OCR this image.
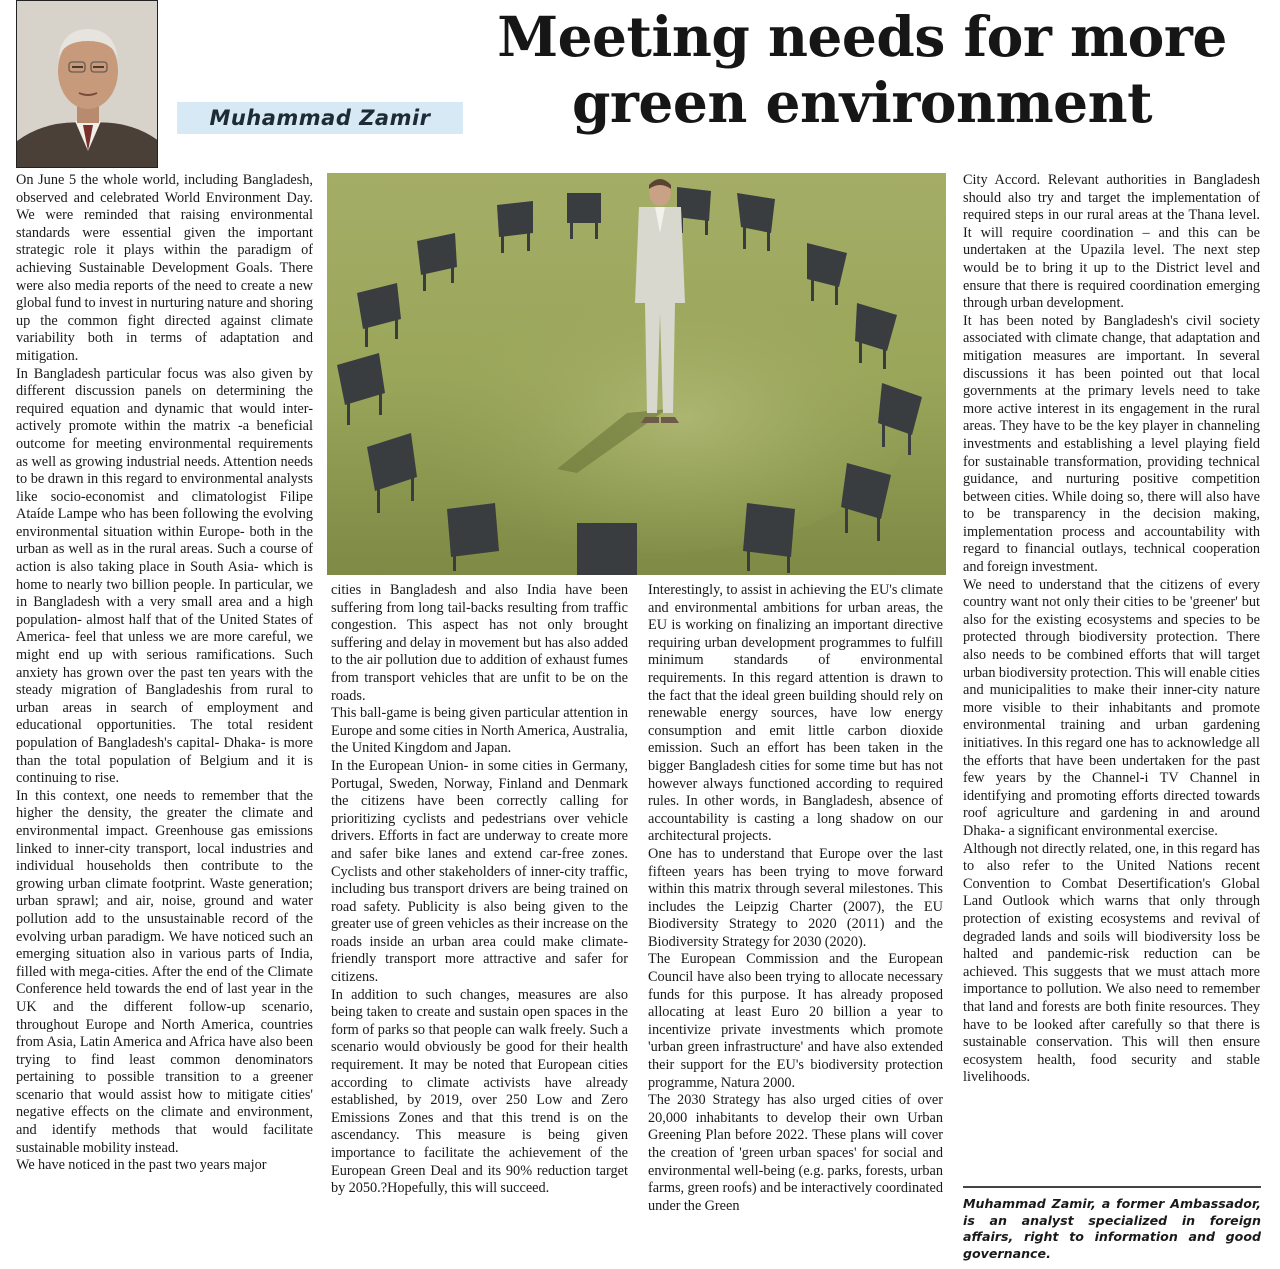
Muhammad Zamir
Meeting needs for more
green environment

On June 5 the whole world, including Bangladesh, observed and celebrated World Environment Day. We were reminded that raising environmental standards were essential given the important strategic role it plays within the paradigm of achieving Sustainable Development Goals. There were also media reports of the need to create a new global fund to invest in nurturing nature and shoring up the common fight directed against climate variability both in terms of adaptation and mitigation.

In Bangladesh particular focus was also given by different discussion panels on determining the required equation and dynamic that would inter-actively promote within the matrix -a beneficial outcome for meeting environmental requirements as well as growing industrial needs. Attention needs to be drawn in this regard to environmental analysts like socio-economist and climatologist Filipe Ataíde Lampe who has been following the evolving environmental situation within Europe- both in the urban as well as in the rural areas. Such a course of action is also taking place in South Asia- which is home to nearly two billion people. In particular, we in Bangladesh with a very small area and a high population- almost half that of the United States of America- feel that unless we are more careful, we might end up with serious ramifications. Such anxiety has grown over the past ten years with the steady migration of Bangladeshis from rural to urban areas in search of employment and educational opportunities. The total resident population of Bangladesh's capital- Dhaka- is more than the total population of Belgium and it is continuing to rise.

In this context, one needs to remember that the higher the density, the greater the climate and environmental impact. Greenhouse gas emissions linked to inner-city transport, local industries and individual households then contribute to the growing urban climate footprint. Waste generation; urban sprawl; and air, noise, ground and water pollution add to the unsustainable record of the evolving urban paradigm. We have noticed such an emerging situation also in various parts of India, filled with mega-cities. After the end of the Climate Conference held towards the end of last year in the UK and the different follow-up scenario, throughout Europe and North America, countries from Asia, Latin America and Africa have also been trying to find least common denominators pertaining to possible transition to a greener scenario that would assist how to mitigate cities' negative effects on the climate and environment, and identify methods that would facilitate sustainable mobility instead.

We have noticed in the past two years major

cities in Bangladesh and also India have been suffering from long tail-backs resulting from traffic congestion. This aspect has not only brought suffering and delay in movement but has also added to the air pollution due to addition of exhaust fumes from transport vehicles that are unfit to be on the roads.

This ball-game is being given particular attention in Europe and some cities in North America, Australia, the United Kingdom and Japan.

In the European Union- in some cities in Germany, Portugal, Sweden, Norway, Finland and Denmark the citizens have been correctly calling for prioritizing cyclists and pedestrians over vehicle drivers. Efforts in fact are underway to create more and safer bike lanes and extend car-free zones. Cyclists and other stakeholders of inner-city traffic, including bus transport drivers are being trained on road safety. Publicity is also being given to the greater use of green vehicles as their increase on the roads inside an urban area could make climate-friendly transport more attractive and safer for citizens.

In addition to such changes, measures are also being taken to create and sustain open spaces in the form of parks so that people can walk freely. Such a scenario would obviously be good for their health requirement. It may be noted that European cities according to climate activists have already established, by 2019, over 250 Low and Zero Emissions Zones and that this trend is on the ascendancy. This measure is being given importance to facilitate the achievement of the European Green Deal and its 90% reduction target by 2050.?Hopefully, this will succeed.

Interestingly, to assist in achieving the EU's climate and environmental ambitions for urban areas, the EU is working on finalizing an important directive requiring urban development programmes to fulfill minimum standards of environmental requirements. In this regard attention is drawn to the fact that the ideal green building should rely on renewable energy sources, have low energy consumption and emit little carbon dioxide emission. Such an effort has been taken in the bigger Bangladesh cities for some time but has not however always functioned according to required rules. In other words, in Bangladesh, absence of accountability is casting a long shadow on our architectural projects.

One has to understand that Europe over the last fifteen years has been trying to move forward within this matrix through several milestones. This includes the Leipzig Charter (2007), the EU Biodiversity Strategy to 2020 (2011) and the Biodiversity Strategy for 2030 (2020).

The European Commission and the European Council have also been trying to allocate necessary funds for this purpose. It has already proposed allocating at least Euro 20 billion a year to incentivize private investments which promote 'urban green infrastructure' and have also extended their support for the EU's biodiversity protection programme, Natura 2000.

The 2030 Strategy has also urged cities of over 20,000 inhabitants to develop their own Urban Greening Plan before 2022. These plans will cover the creation of 'green urban spaces' for social and environmental well-being (e.g. parks, forests, urban farms, green roofs) and be interactively coordinated under the Green

City Accord. Relevant authorities in Bangladesh should also try and target the implementation of required steps in our rural areas at the Thana level. It will require coordination – and this can be undertaken at the Upazila level. The next step would be to bring it up to the District level and ensure that there is required coordination emerging through urban development.

It has been noted by Bangladesh's civil society associated with climate change, that adaptation and mitigation measures are important. In several discussions it has been pointed out that local governments at the primary levels need to take more active interest in its engagement in the rural areas. They have to be the key player in channeling investments and establishing a level playing field for sustainable transformation, providing technical guidance, and nurturing positive competition between cities. While doing so, there will also have to be transparency in the decision making, implementation process and accountability with regard to financial outlays, technical cooperation and foreign investment.

We need to understand that the citizens of every country want not only their cities to be 'greener' but also for the existing ecosystems and species to be protected through biodiversity protection. There also needs to be combined efforts that will target urban biodiversity protection. This will enable cities and municipalities to make their inner-city nature more visible to their inhabitants and promote environmental training and urban gardening initiatives. In this regard one has to acknowledge all the efforts that have been undertaken for the past few years by the Channel-i TV Channel in identifying and promoting efforts directed towards roof agriculture and gardening in and around Dhaka- a significant environmental exercise.

Although not directly related, one, in this regard has to also refer to the United Nations recent Convention to Combat Desertification's Global Land Outlook which warns that only through protection of existing ecosystems and revival of degraded lands and soils will biodiversity loss be halted and pandemic-risk reduction can be achieved. This suggests that we must attach more importance to pollution. We also need to remember that land and forests are both finite resources. They have to be looked after carefully so that there is sustainable conservation. This will then ensure ecosystem health, food security and stable livelihoods.

Muhammad Zamir, a former Ambassador, is an analyst specialized in foreign affairs, right to information and good governance.
